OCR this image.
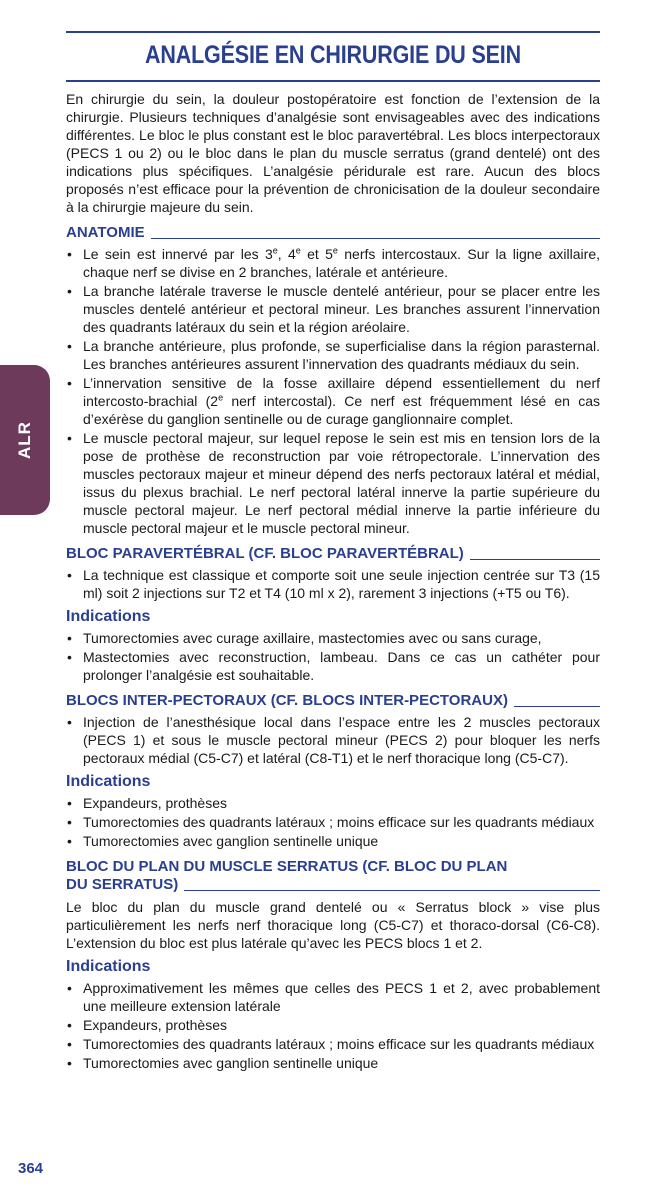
ANALGÉSIE EN CHIRURGIE DU SEIN
ALR

En chirurgie du sein, la douleur postopératoire est fonction de l’extension de la chirurgie. Plusieurs techniques d’analgésie sont envisageables avec des indications différentes. Le bloc le plus constant est le bloc paravertébral. Les blocs interpectoraux (PECS 1 ou 2) ou le bloc dans le plan du muscle serratus (grand dentelé) ont des indications plus spécifiques. L’analgésie péridurale est rare. Aucun des blocs proposés n’est efficace pour la prévention de chronicisation de la douleur secondaire à la chirurgie majeure du sein.

ANATOMIE
• Le sein est innervé par les 3e, 4e et 5e nerfs intercostaux. Sur la ligne axillaire, chaque nerf se divise en 2 branches, latérale et antérieure.
• La branche latérale traverse le muscle dentelé antérieur, pour se placer entre les muscles dentelé antérieur et pectoral mineur. Les branches assurent l’innervation des quadrants latéraux du sein et la région aréolaire.
• La branche antérieure, plus profonde, se superficialise dans la région parasternal. Les branches antérieures assurent l’innervation des quadrants médiaux du sein.
• L’innervation sensitive de la fosse axillaire dépend essentiellement du nerf intercosto-brachial (2e nerf intercostal). Ce nerf est fréquemment lésé en cas d’exérèse du ganglion sentinelle ou de curage ganglionnaire complet.
• Le muscle pectoral majeur, sur lequel repose le sein est mis en tension lors de la pose de prothèse de reconstruction par voie rétropectorale. L’innervation des muscles pectoraux majeur et mineur dépend des nerfs pectoraux latéral et médial, issus du plexus brachial. Le nerf pectoral latéral innerve la partie supérieure du muscle pectoral majeur. Le nerf pectoral médial innerve la partie inférieure du muscle pectoral majeur et le muscle pectoral mineur.
BLOC PARAVERTÉBRAL (CF. BLOC PARAVERTÉBRAL)
• La technique est classique et comporte soit une seule injection centrée sur T3 (15 ml) soit 2 injections sur T2 et T4 (10 ml x 2), rarement 3 injections (+T5 ou T6).
Indications
• Tumorectomies avec curage axillaire, mastectomies avec ou sans curage,
• Mastectomies avec reconstruction, lambeau. Dans ce cas un cathéter pour prolonger l’analgésie est souhaitable.
BLOCS INTER-PECTORAUX (CF. BLOCS INTER-PECTORAUX)
• Injection de l’anesthésique local dans l’espace entre les 2 muscles pectoraux (PECS 1) et sous le muscle pectoral mineur (PECS 2) pour bloquer les nerfs pectoraux médial (C5-C7) et latéral (C8-T1) et le nerf thoracique long (C5-C7).
Indications
• Expandeurs, prothèses
• Tumorectomies des quadrants latéraux ; moins efficace sur les quadrants médiaux
• Tumorectomies avec ganglion sentinelle unique
BLOC DU PLAN DU MUSCLE SERRATUS (CF. BLOC DU PLAN
DU SERRATUS)

Le bloc du plan du muscle grand dentelé ou « Serratus block » vise plus particulièrement les nerfs nerf thoracique long (C5-C7) et thoraco-dorsal (C6-C8). L’extension du bloc est plus latérale qu’avec les PECS blocs 1 et 2.

Indications
• Approximativement les mêmes que celles des PECS 1 et 2, avec probablement une meilleure extension latérale
• Expandeurs, prothèses
• Tumorectomies des quadrants latéraux ; moins efficace sur les quadrants médiaux
• Tumorectomies avec ganglion sentinelle unique
364
